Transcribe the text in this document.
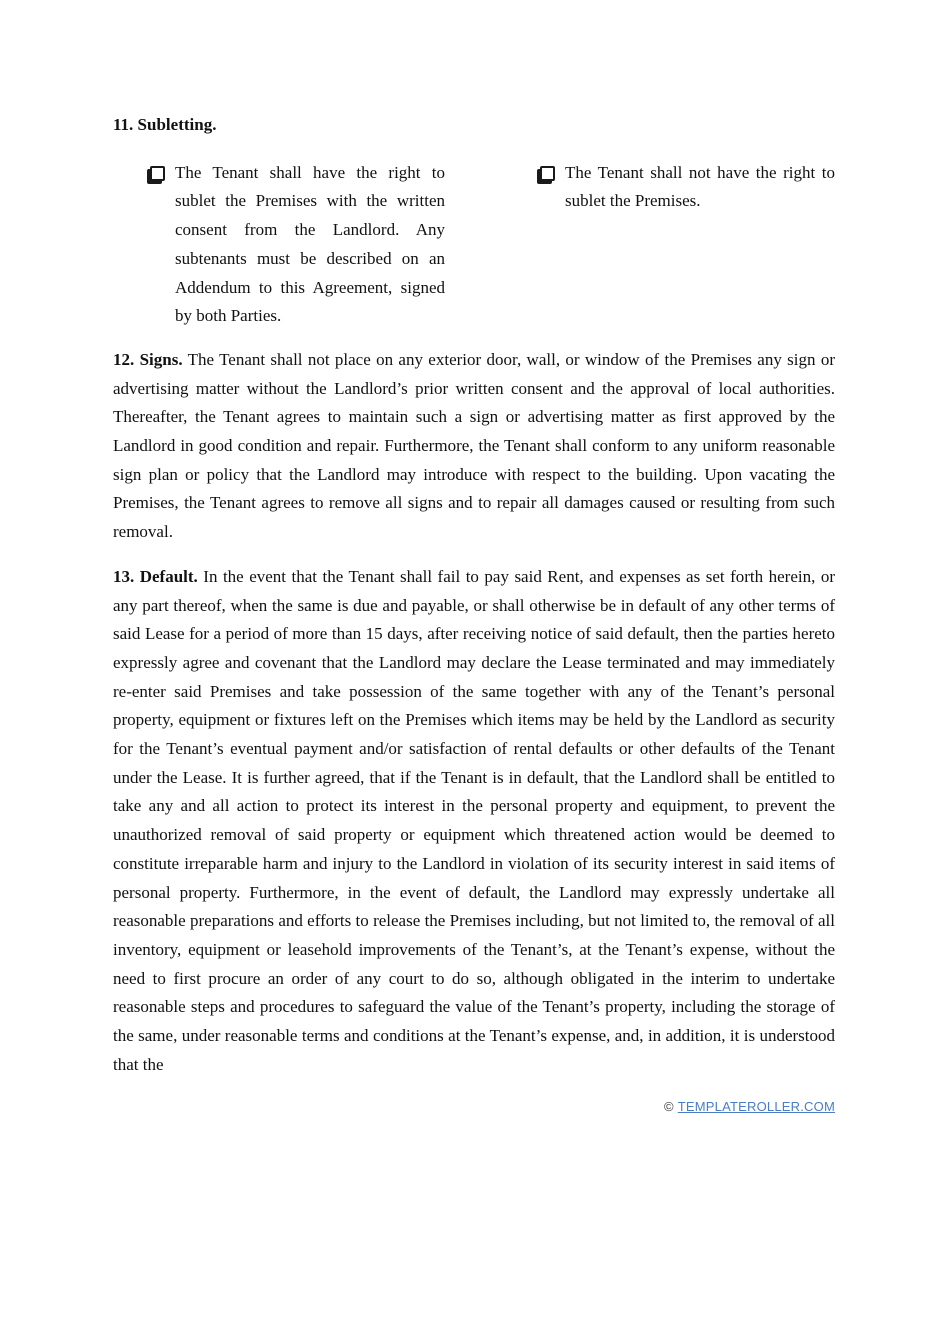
11. Subletting.

The Tenant shall have the right to sublet the Premises with the written consent from the Landlord. Any subtenants must be described on an Addendum to this Agreement, signed by both Parties.

The Tenant shall not have the right to sublet the Premises.

12. Signs. The Tenant shall not place on any exterior door, wall, or window of the Premises any sign or advertising matter without the Landlord’s prior written consent and the approval of local authorities. Thereafter, the Tenant agrees to maintain such a sign or advertising matter as first approved by the Landlord in good condition and repair. Furthermore, the Tenant shall conform to any uniform reasonable sign plan or policy that the Landlord may introduce with respect to the building. Upon vacating the Premises, the Tenant agrees to remove all signs and to repair all damages caused or resulting from such removal.

13. Default. In the event that the Tenant shall fail to pay said Rent, and expenses as set forth herein, or any part thereof, when the same is due and payable, or shall otherwise be in default of any other terms of said Lease for a period of more than 15 days, after receiving notice of said default, then the parties hereto expressly agree and covenant that the Landlord may declare the Lease terminated and may immediately re-enter said Premises and take possession of the same together with any of the Tenant’s personal property, equipment or fixtures left on the Premises which items may be held by the Landlord as security for the Tenant’s eventual payment and/or satisfaction of rental defaults or other defaults of the Tenant under the Lease. It is further agreed, that if the Tenant is in default, that the Landlord shall be entitled to take any and all action to protect its interest in the personal property and equipment, to prevent the unauthorized removal of said property or equipment which threatened action would be deemed to constitute irreparable harm and injury to the Landlord in violation of its security interest in said items of personal property. Furthermore, in the event of default, the Landlord may expressly undertake all reasonable preparations and efforts to release the Premises including, but not limited to, the removal of all inventory, equipment or leasehold improvements of the Tenant’s, at the Tenant’s expense, without the need to first procure an order of any court to do so, although obligated in the interim to undertake reasonable steps and procedures to safeguard the value of the Tenant’s property, including the storage of the same, under reasonable terms and conditions at the Tenant’s expense, and, in addition, it is understood that the

© TEMPLATEROLLER.COM
